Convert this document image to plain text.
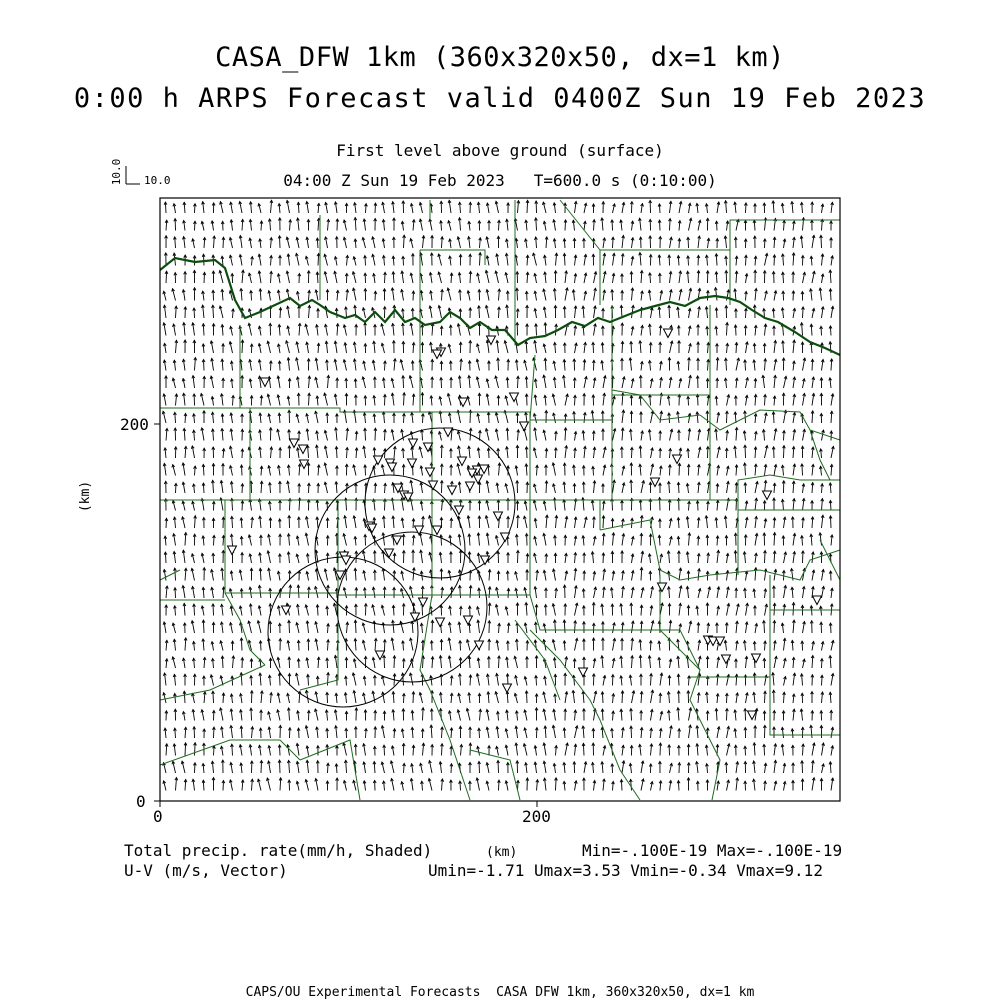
CASA_DFW 1km (360x320x50, dx=1 km)
0:00 h ARPS Forecast valid 0400Z Sun 19 Feb 2023
First level above ground (surface)
04:00 Z Sun 19 Feb 2023   T=600.0 s (0:10:00)
10.0 10.0
0	200
0
200
(km)
(km)
Total precip. rate(mm/h, Shaded)	Min=-.100E-19 Max=-.100E-19
U-V (m/s, Vector)	Umin=-1.71 Umax=3.53 Vmin=-0.34 Vmax=9.12
CAPS/OU Experimental Forecasts  CASA DFW 1km, 360x320x50, dx=1 km
